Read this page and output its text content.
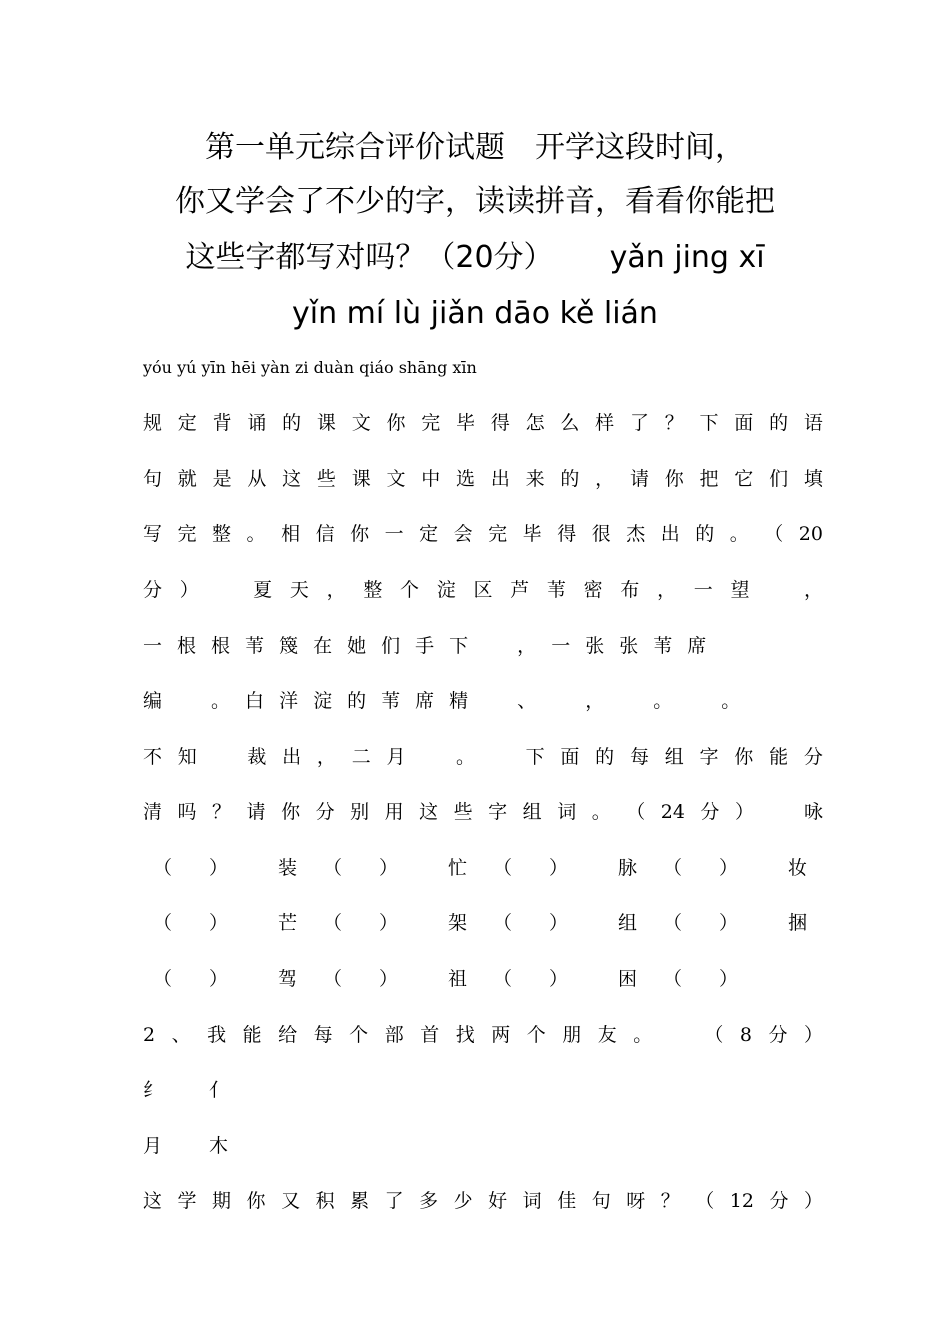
第一单元综合评价试题　开学这段时间，
你又学会了不少的字，读读拼音，看看你能把
这些字都写对吗？（20分） yǎn jing xī
yǐn mí lù jiǎn dāo kě lián
yóu yú yīn hēi yàn zi duàn qiáo shāng xīn
规 定 背 诵 的 课 文 你 完 毕 得 怎 么 样 了 ？ 下 面 的 语
句 就 是 从 这 些 课 文 中 选 出 来 的 ， 请 你 把 它 们 填
写 完 整 。 相 信 你 一 定 会 完 毕 得 很 杰 出 的 。 （ 20
分 ）
　	夏 天 ， 整 个 淀 区 芦 苇 密 布 ， 一 望
　	，
一 根 根 苇 篾 在 她 们 手 下　	， 一 张 张 苇 席
编　	。 白 洋 淀 的 苇 席 精　	、　	，　	。　	。
不 知
　	裁 出 ， 二 月
　	。
　	下 面 的 每 组 字 你 能 分
清 吗 ？ 请 你 分 别 用 这 些 字 组 词 。 （ 24 分 ）
　	咏
（ ）	装 （ ）	忙 （ ）	脉 （ ）	妆
（ ）	芒 （ ）	架 （ ）	组 （ ）	捆
（ ）	驾 （ ）	祖 （ ）	困 （ ）
2 、 我 能 给 每 个 部 首 找 两 个 朋 友 。
　	（ 8 分 ）
纟 亻
月 木
这 学 期 你 又 积 累 了 多 少 好 词 佳 句 呀 ？ （ 12 分 ）
